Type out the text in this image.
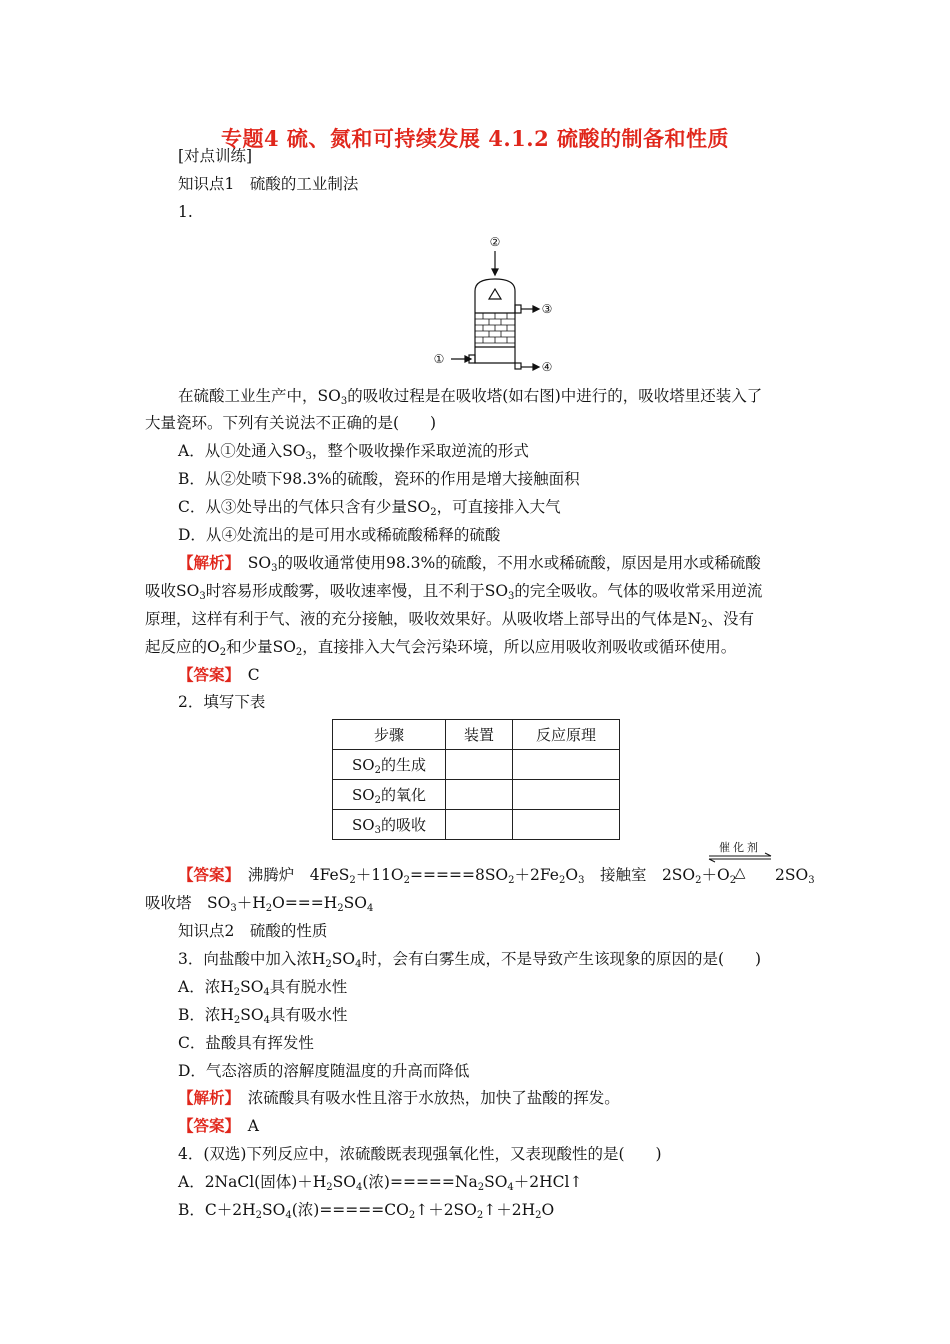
专题4 硫、氮和可持续发展 4.1.2 硫酸的制备和性质
[对点训练]
知识点1　硫酸的工业制法
1.
②
③
①
④
在硫酸工业生产中，$SO_3$的吸收过程是在吸收塔(如右图)中进行的，吸收塔里还装入了
大量瓷环。下列有关说法不正确的是(　　)
A．从①处通入$SO_3$，整个吸收操作采取逆流的形式
B．从②处喷下98.3%的硫酸，瓷环的作用是增大接触面积
C．从③处导出的气体只含有少量$SO_2$，可直接排入大气
D．从④处流出的是可用水或稀硫酸稀释的硫酸
【解析】　$SO_3$的吸收通常使用98.3%的硫酸，不用水或稀硫酸，原因是用水或稀硫酸
吸收$SO_3$时容易形成酸雾，吸收速率慢，且不利于$SO_3$的完全吸收。气体的吸收常采用逆流
原理，这样有利于气、液的充分接触，吸收效果好。从吸收塔上部导出的气体是$N_2$、没有
起反应的$O_2$和少量$SO_2$，直接排入大气会污染环境，所以应用吸收剂吸收或循环使用。
【答案】　C
2．填写下表
步骤	装置	反应原理
$SO_2$的生成		
$SO_2$的氧化		
$SO_3$的吸收		
【答案】　沸腾炉　$4FeS_2+11O_2=====8SO_2+2Fe_2O_3$　接触室　$2SO_2+O_2$
催化剂
△ $2SO_3$
吸收塔　$SO_3+H_2O===H_2SO_4$
知识点2　硫酸的性质
3．向盐酸中加入浓$H_2SO_4$时，会有白雾生成，不是导致产生该现象的原因的是(　　)
A．浓$H_2SO_4$具有脱水性
B．浓$H_2SO_4$具有吸水性
C．盐酸具有挥发性
D．气态溶质的溶解度随温度的升高而降低
【解析】　浓硫酸具有吸水性且溶于水放热，加快了盐酸的挥发。
【答案】　A
4．(双选)下列反应中，浓硫酸既表现强氧化性，又表现酸性的是(　　)
A．2NaCl(固体)$+H_2SO_4$(浓)$=====Na_2SO_4+2HCl↑$
B．$C+2H_2SO_4$(浓)$=====CO_2↑+2SO_2↑+2H_2O$
